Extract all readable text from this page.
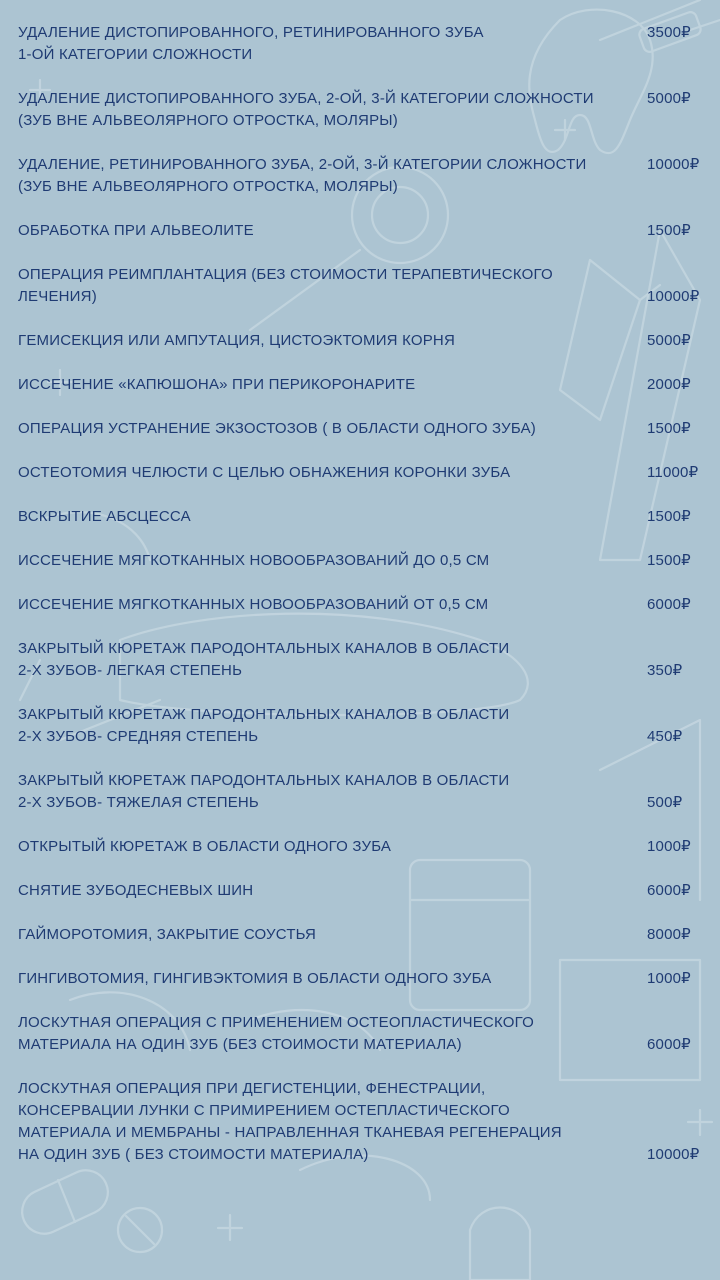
УДАЛЕНИЕ ДИСТОПИРОВАННОГО, РЕТИНИРОВАННОГО ЗУБА
1-ОЙ КАТЕГОРИИ СЛОЖНОСТИ
3500₽
УДАЛЕНИЕ ДИСТОПИРОВАННОГО ЗУБА, 2-ОЙ, 3-Й КАТЕГОРИИ СЛОЖНОСТИ
(ЗУБ ВНЕ АЛЬВЕОЛЯРНОГО ОТРОСТКА, МОЛЯРЫ)
5000₽
УДАЛЕНИЕ, РЕТИНИРОВАННОГО ЗУБА, 2-ОЙ, 3-Й КАТЕГОРИИ СЛОЖНОСТИ
(ЗУБ ВНЕ АЛЬВЕОЛЯРНОГО ОТРОСТКА, МОЛЯРЫ)
10000₽
ОБРАБОТКА ПРИ АЛЬВЕОЛИТЕ	1500₽
ОПЕРАЦИЯ РЕИМПЛАНТАЦИЯ (БЕЗ СТОИМОСТИ ТЕРАПЕВТИЧЕСКОГО
ЛЕЧЕНИЯ)	10000₽
ГЕМИСЕКЦИЯ ИЛИ АМПУТАЦИЯ, ЦИСТОЭКТОМИЯ КОРНЯ	5000₽
ИССЕЧЕНИЕ «КАПЮШОНА» ПРИ ПЕРИКОРОНАРИТЕ	2000₽
ОПЕРАЦИЯ УСТРАНЕНИЕ ЭКЗОСТОЗОВ ( В ОБЛАСТИ ОДНОГО ЗУБА)	1500₽
ОСТЕОТОМИЯ ЧЕЛЮСТИ С ЦЕЛЬЮ ОБНАЖЕНИЯ КОРОНКИ ЗУБА	11000₽
ВСКРЫТИЕ АБСЦЕССА	1500₽
ИССЕЧЕНИЕ МЯГКОТКАННЫХ НОВООБРАЗОВАНИЙ ДО 0,5 СМ	1500₽
ИССЕЧЕНИЕ МЯГКОТКАННЫХ НОВООБРАЗОВАНИЙ ОТ 0,5 СМ	6000₽
ЗАКРЫТЫЙ КЮРЕТАЖ ПАРОДОНТАЛЬНЫХ КАНАЛОВ В ОБЛАСТИ
2-Х ЗУБОВ- ЛЕГКАЯ СТЕПЕНЬ	350₽
ЗАКРЫТЫЙ КЮРЕТАЖ ПАРОДОНТАЛЬНЫХ КАНАЛОВ В ОБЛАСТИ
2-Х ЗУБОВ- СРЕДНЯЯ СТЕПЕНЬ	450₽
ЗАКРЫТЫЙ КЮРЕТАЖ ПАРОДОНТАЛЬНЫХ КАНАЛОВ В ОБЛАСТИ
2-Х ЗУБОВ- ТЯЖЕЛАЯ СТЕПЕНЬ	500₽
ОТКРЫТЫЙ КЮРЕТАЖ В ОБЛАСТИ ОДНОГО ЗУБА	1000₽
СНЯТИЕ ЗУБОДЕСНЕВЫХ ШИН	6000₽
ГАЙМОРОТОМИЯ, ЗАКРЫТИЕ СОУСТЬЯ	8000₽
ГИНГИВОТОМИЯ, ГИНГИВЭКТОМИЯ В ОБЛАСТИ ОДНОГО ЗУБА	1000₽
ЛОСКУТНАЯ ОПЕРАЦИЯ С ПРИМЕНЕНИЕМ ОСТЕОПЛАСТИЧЕСКОГО
МАТЕРИАЛА НА ОДИН ЗУБ (БЕЗ СТОИМОСТИ МАТЕРИАЛА)	6000₽
ЛОСКУТНАЯ ОПЕРАЦИЯ ПРИ ДЕГИСТЕНЦИИ, ФЕНЕСТРАЦИИ,
КОНСЕРВАЦИИ ЛУНКИ С ПРИМИРЕНИЕМ ОСТЕПЛАСТИЧЕСКОГО
МАТЕРИАЛА И МЕМБРАНЫ - НАПРАВЛЕННАЯ ТКАНЕВАЯ РЕГЕНЕРАЦИЯ
НА ОДИН ЗУБ ( БЕЗ СТОИМОСТИ МАТЕРИАЛА)	10000₽
